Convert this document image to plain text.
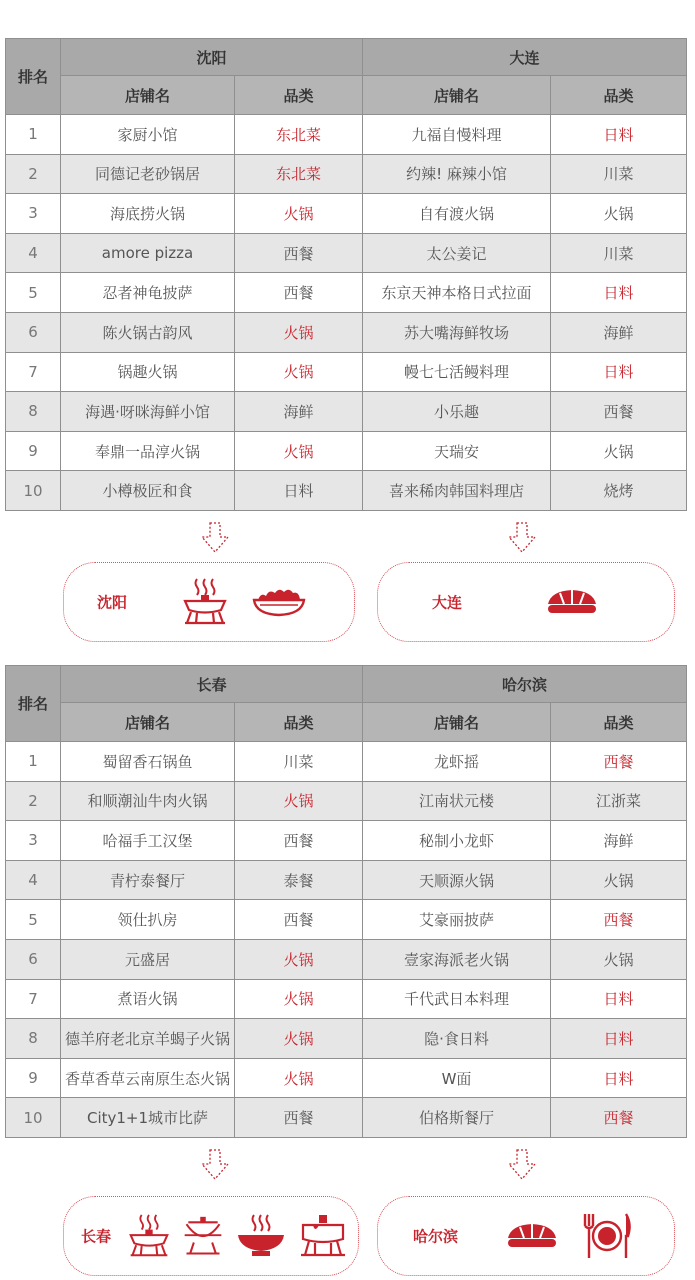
排名	沈阳		大连	
	店铺名	品类	店铺名	品类
1	家厨小馆	东北菜	九福自慢料理	日料
2	同德记老砂锅居	东北菜	约辣! 麻辣小馆	川菜
3	海底捞火锅	火锅	自有渡火锅	火锅
4	amore pizza	西餐	太公姜记	川菜
5	忍者神龟披萨	西餐	东京天神本格日式拉面	日料
6	陈火锅古韵风	火锅	苏大嘴海鲜牧场	海鲜
7	锅趣火锅	火锅	幔七七活鳗料理	日料
8	海遇·呀咪海鲜小馆	海鲜	小乐趣	西餐
9	奉鼎一品淳火锅	火锅	天瑞安	火锅
10	小樽极匠和食	日料	喜来稀肉韩国料理店	烧烤
沈阳	大连
排名	长春		哈尔滨	
	店铺名	品类	店铺名	品类
1	蜀留香石锅鱼	川菜	龙虾摇	西餐
2	和顺潮汕牛肉火锅	火锅	江南状元楼	江浙菜
3	哈福手工汉堡	西餐	秘制小龙虾	海鲜
4	青柠泰餐厅	泰餐	天顺源火锅	火锅
5	领仕扒房	西餐	艾豪丽披萨	西餐
6	元盛居	火锅	壹家海派老火锅	火锅
7	煮语火锅	火锅	千代武日本料理	日料
8	德羊府老北京羊蝎子火锅	火锅	隐·食日料	日料
9	香草香草云南原生态火锅	火锅	W面	日料
10	City1+1城市比萨	西餐	伯格斯餐厅	西餐
长春	哈尔滨
